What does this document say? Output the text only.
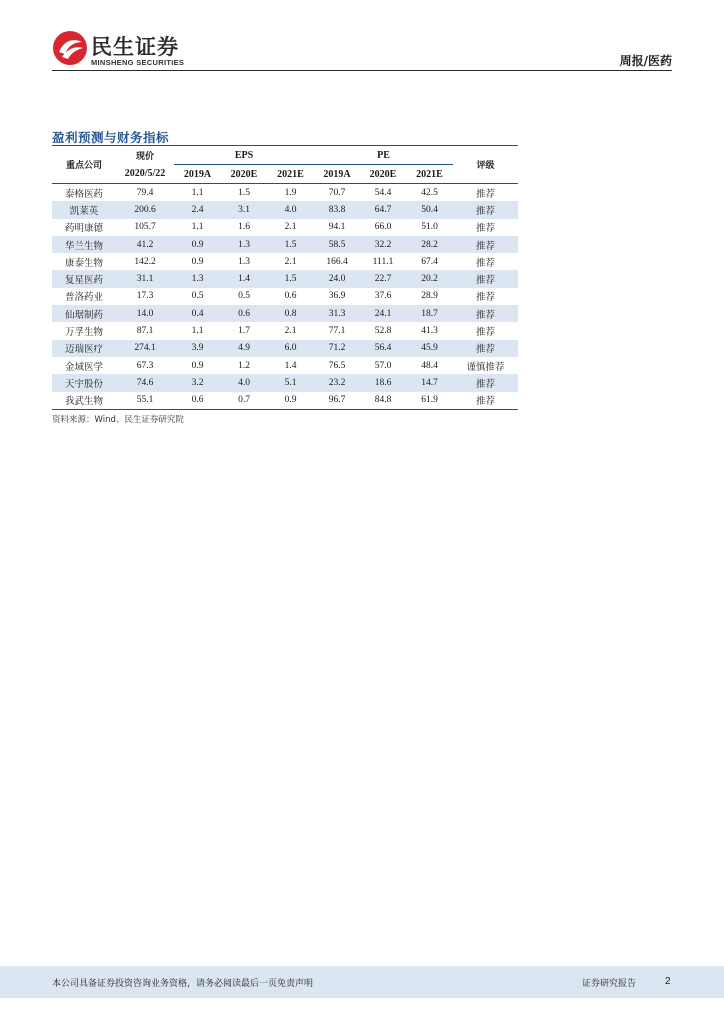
民生证券
MINSHENG SECURITIES	周报/医药
盈利预测与财务指标
重点公司	现价	EPS			PE			评级
	2020/5/22	2019A	2020E	2021E	2019A	2020E	2021E	
泰格医药	79.4	1.1	1.5	1.9	70.7	54.4	42.5	推荐
凯莱英	200.6	2.4	3.1	4.0	83.8	64.7	50.4	推荐
药明康德	105.7	1.1	1.6	2.1	94.1	66.0	51.0	推荐
华兰生物	41.2	0.9	1.3	1.5	58.5	32.2	28.2	推荐
康泰生物	142.2	0.9	1.3	2.1	166.4	111.1	67.4	推荐
复星医药	31.1	1.3	1.4	1.5	24.0	22.7	20.2	推荐
普洛药业	17.3	0.5	0.5	0.6	36.9	37.6	28.9	推荐
仙琚制药	14.0	0.4	0.6	0.8	31.3	24.1	18.7	推荐
万孚生物	87.1	1.1	1.7	2.1	77.1	52.8	41.3	推荐
迈瑞医疗	274.1	3.9	4.9	6.0	71.2	56.4	45.9	推荐
金域医学	67.3	0.9	1.2	1.4	76.5	57.0	48.4	谨慎推荐
天宇股份	74.6	3.2	4.0	5.1	23.2	18.6	14.7	推荐
我武生物	55.1	0.6	0.7	0.9	96.7	84.8	61.9	推荐
资料来源：Wind、民生证券研究院
本公司具备证券投资咨询业务资格，请务必阅读最后一页免责声明	证券研究报告	2
